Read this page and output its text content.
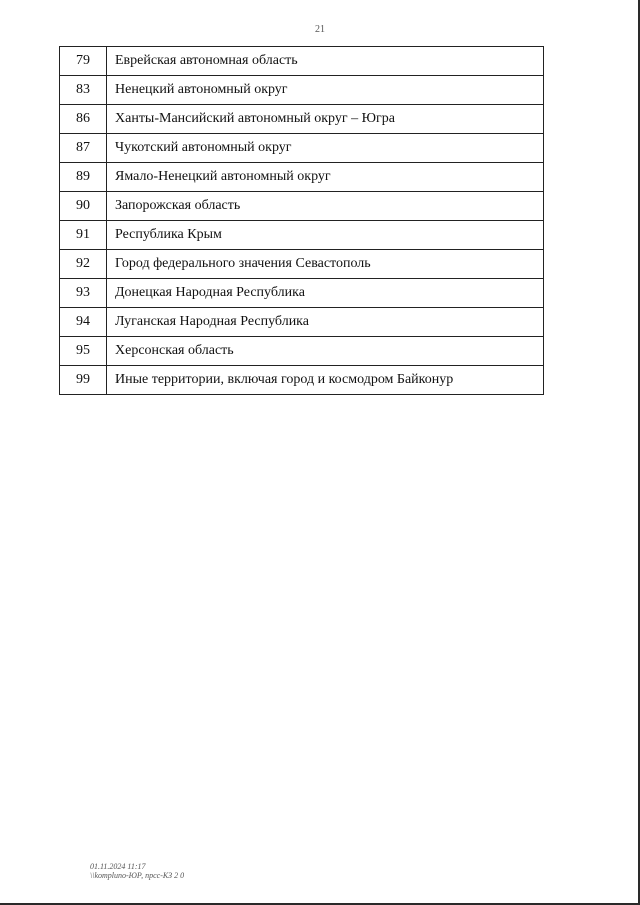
21
79	Еврейская автономная область
83	Ненецкий автономный округ
86	Ханты-Мансийский автономный округ – Югра
87	Чукотский автономный округ
89	Ямало-Ненецкий автономный округ
90	Запорожская область
91	Республика Крым
92	Город федерального значения Севастополь
93	Донецкая Народная Республика
94	Луганская Народная Республика
95	Херсонская область
99	Иные территории, включая город и космодром Байконур
01.11.2024 11:17
\\kompluno-ЮР, прсс-КЗ 2 0
